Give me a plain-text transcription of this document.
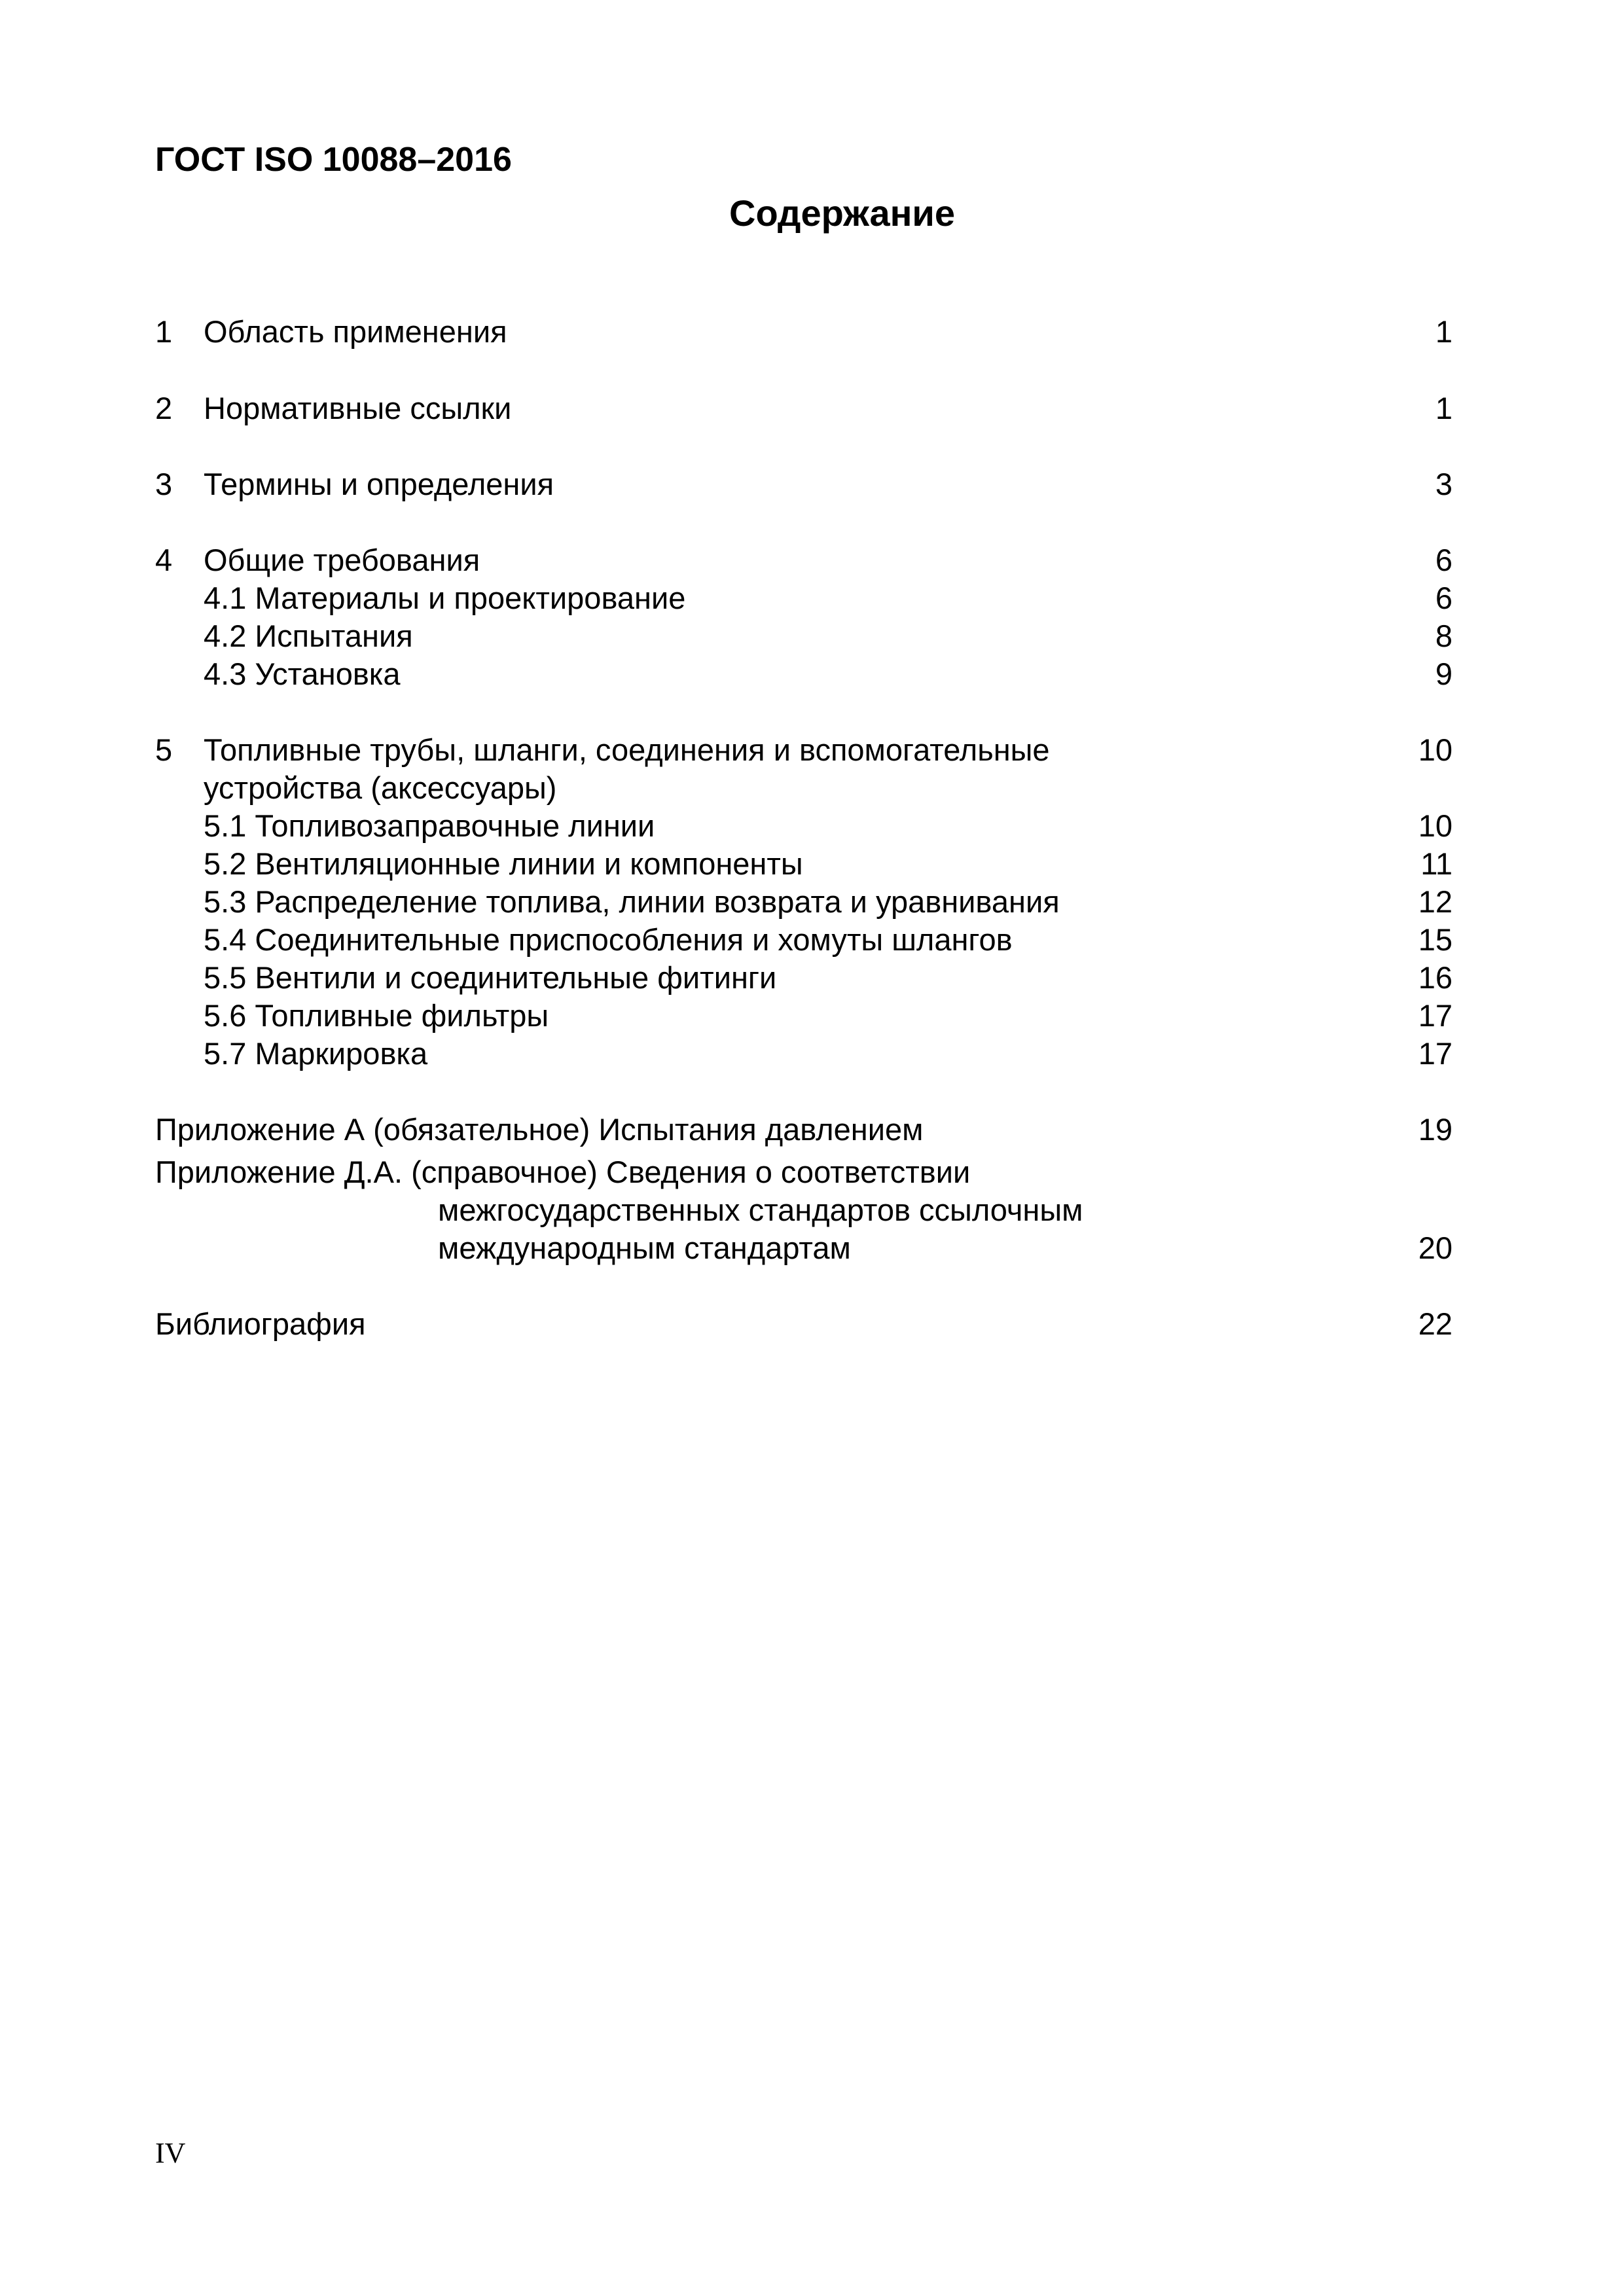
ГОСТ ISO 10088–2016
Содержание
1 Область применения	1
2 Нормативные ссылки	1
3 Термины и определения	3
4 Общие требования	6
4.1 Материалы и проектирование	6
4.2 Испытания	8
4.3 Установка	9
5 Топливные трубы, шланги, соединения и вспомогательные	10
устройства (аксессуары)
5.1 Топливозаправочные линии	10
5.2 Вентиляционные линии и компоненты	11
5.3 Распределение топлива, линии возврата и уравнивания	12
5.4 Соединительные приспособления и хомуты шлангов	15
5.5 Вентили и соединительные фитинги	16
5.6 Топливные фильтры	17
5.7 Маркировка	17
Приложение А (обязательное) Испытания давлением	19
Приложение Д.А. (справочное) Сведения о соответствии
межгосударственных стандартов ссылочным
международным стандартам	20
Библиография	22
IV
